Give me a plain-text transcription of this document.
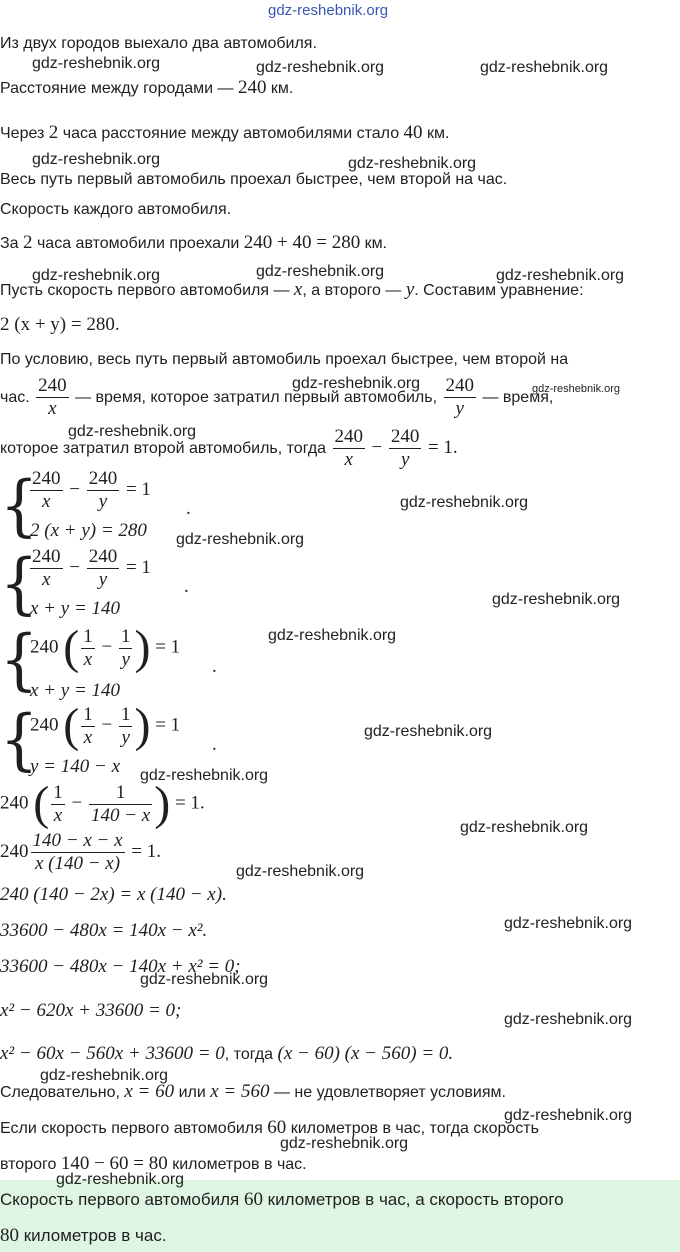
gdz-reshebnik.org
Из двух городов выехало два автомобиля.
Расстояние между городами — 240 км.
Через 2 часа расстояние между автомобилями стало 40 км.
Весь путь первый автомобиль проехал быстрее, чем второй на час.
Скорость каждого автомобиля.
За 2 часа автомобили проехали 240 + 40 = 280 км.
Пусть скорость первого автомобиля — x, а второго — y. Составим уравнение:
2 (x + y) = 280.
По условию, весь путь первый автомобиль проехал быстрее, чем второй на
час. $\frac{240}{x}$ — время, которое затратил первый автомобиль, $\frac{240}{y}$ — время,
которое затратил второй автомобиль, тогда $\frac{240}{x} - \frac{240}{y} = 1$.
{
{
{
{
$\frac{240}{x} - \frac{240}{y} = 1$
2 (x + y) = 280
.
$\frac{240}{x} - \frac{240}{y} = 1$
x + y = 140
.
240 ( $\frac{1}{x} - \frac{1}{y}$ ) = 1
x + y = 140
.
240 ( $\frac{1}{x} - \frac{1}{y}$ ) = 1
y = 140 − x
.
240 ( $\frac{1}{x} - \frac{1}{140 - x}$ ) = 1.
$240 \frac{140 - x - x}{x (140 - x)} = 1$.
240 (140 − 2x) = x (140 − x).
33600 − 480x = 140x − x².
33600 − 480x − 140x + x² = 0;
x² − 620x + 33600 = 0;
x² − 60x − 560x + 33600 = 0, тогда (x − 60) (x − 560) = 0.
Следовательно, x = 60 или x = 560 — не удовлетворяет условиям.
Если скорость первого автомобиля 60 километров в час, тогда скорость
второго 140 − 60 = 80 километров в час.
Скорость первого автомобиля 60 километров в час, а скорость второго
80 километров в час.
gdz-reshebnik.org	gdz-reshebnik.org	gdz-reshebnik.org
gdz-reshebnik.org	gdz-reshebnik.org
gdz-reshebnik.org	gdz-reshebnik.org	gdz-reshebnik.org
gdz-reshebnik.org	gdz-reshebnik.org
gdz-reshebnik.org
gdz-reshebnik.org
gdz-reshebnik.org
gdz-reshebnik.org
gdz-reshebnik.org
gdz-reshebnik.org
gdz-reshebnik.org
gdz-reshebnik.org
gdz-reshebnik.org
gdz-reshebnik.org
gdz-reshebnik.org
gdz-reshebnik.org
gdz-reshebnik.org
gdz-reshebnik.org
gdz-reshebnik.org
gdz-reshebnik.org
